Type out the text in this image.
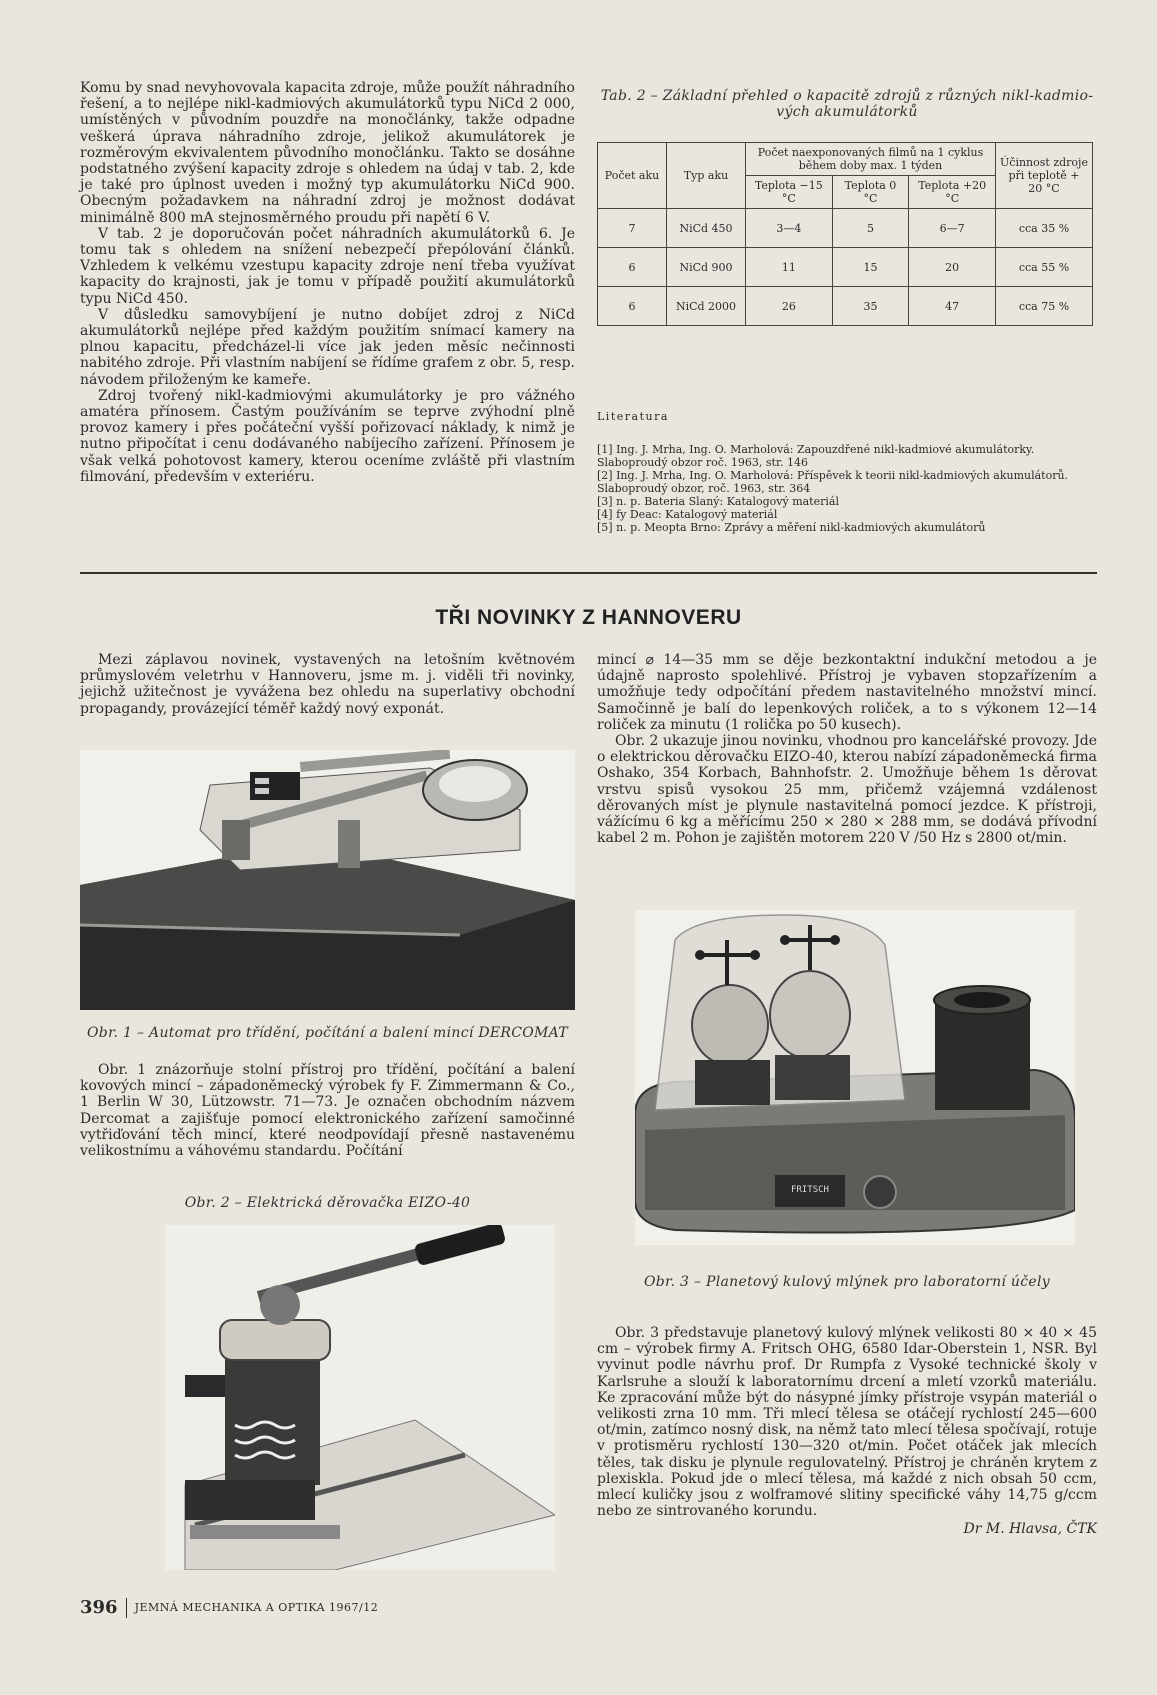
Komu by snad nevyhovovala kapacita zdroje, může použít náhradního řešení, a to nejlépe nikl-kadmiových akumulátorků typu NiCd 2 000, umístěných v původním pouzdře na monočlánky, takže odpadne veškerá úprava náhradního zdroje, jelikož akumulátorek je rozměrovým ekvivalentem původního monočlánku. Takto se dosáhne podstatného zvýšení kapacity zdroje s ohledem na údaj v tab. 2, kde je také pro úplnost uveden i možný typ akumulátorku NiCd 900. Obecným požadavkem na náhradní zdroj je možnost dodávat minimálně 800 mA stejnosměrného proudu při napětí 6 V.

V tab. 2 je doporučován počet náhradních akumulátorků 6. Je tomu tak s ohledem na snížení nebezpečí přepólování článků. Vzhledem k velkému vzestupu kapacity zdroje není třeba využívat kapacity do krajnosti, jak je tomu v případě použití akumulátorků typu NiCd 450.

V důsledku samovybíjení je nutno dobíjet zdroj z NiCd akumulátorků nejlépe před každým použitím snímací kamery na plnou kapacitu, předcházel-li více jak jeden měsíc nečinnosti nabitého zdroje. Při vlastním nabíjení se řídíme grafem z obr. 5, resp. návodem přiloženým ke kameře.

Zdroj tvořený nikl-kadmiovými akumulátorky je pro vážného amatéra přínosem. Častým používáním se teprve zvýhodní plně provoz kamery i přes počáteční vyšší pořizovací náklady, k nimž je nutno připočítat i cenu dodávaného nabíjecího zařízení. Přínosem je však velká pohotovost kamery, kterou oceníme zvláště při vlastním filmování, především v exteriéru.

Tab. 2 – Základní přehled o kapacitě zdrojů z různých nikl-kadmio-
vých akumulátorků
Počet aku	Typ aku	Počet naexponovaných filmů na 1 cyklus během doby max. 1 týden			Účinnost zdroje při teplotě + 20 °C
		Teplota −15 °C	Teplota 0 °C	Teplota +20 °C	
7	NiCd 450	3—4	5	6—7	cca 35 %
6	NiCd 900	11	15	20	cca 55 %
6	NiCd 2000	26	35	47	cca 75 %
Literatura

[1] Ing. J. Mrha, Ing. O. Marholová: Zapouzdřené nikl-kadmiové akumulátorky. Slaboproudý obzor roč. 1963, str. 146

[2] Ing. J. Mrha, Ing. O. Marholová: Příspěvek k teorii nikl-kadmiových akumulátorů. Slaboproudý obzor, roč. 1963, str. 364

[3] n. p. Bateria Slaný: Katalogový materiál

[4] fy Deac: Katalogový materiál

[5] n. p. Meopta Brno: Zprávy a měření nikl-kadmiových akumulátorů

TŘI NOVINKY Z HANNOVERU

Mezi záplavou novinek, vystavených na letošním květnovém průmyslovém veletrhu v Hannoveru, jsme m. j. viděli tři novinky, jejichž užitečnost je vyvážena bez ohledu na superlativy obchodní propagandy, provázející téměř každý nový exponát.

Obr. 1 – Automat pro třídění, počítání a balení mincí DERCOMAT

Obr. 1 znázorňuje stolní přístroj pro třídění, počítání a balení kovových mincí – západoněmecký výrobek fy F. Zimmermann & Co., 1 Berlin W 30, Lützowstr. 71—73. Je označen obchodním názvem Dercomat a zajišťuje pomocí elektronického zařízení samočinné vytřiďování těch mincí, které neodpovídají přesně nastavenému velikostnímu a váhovému standardu. Počítání

Obr. 2 – Elektrická děrovačka EIZO-40

mincí ⌀ 14—35 mm se děje bezkontaktní indukční metodou a je údajně naprosto spolehlivé. Přístroj je vybaven stopzařízením a umožňuje tedy odpočítání předem nastavitelného množství mincí. Samočinně je balí do lepenkových roliček, a to s výkonem 12—14 roliček za minutu (1 rolička po 50 kusech).

Obr. 2 ukazuje jinou novinku, vhodnou pro kancelářské provozy. Jde o elektrickou děrovačku EIZO-40, kterou nabízí západoněmecká firma Oshako, 354 Korbach, Bahnhofstr. 2. Umožňuje během 1s děrovat vrstvu spisů vysokou 25 mm, přičemž vzájemná vzdálenost děrovaných míst je plynule nastavitelná pomocí jezdce. K přístroji, vážícímu 6 kg a měřícímu 250 × 280 × 288 mm, se dodává přívodní kabel 2 m. Pohon je zajištěn motorem 220 V /50 Hz s 2800 ot/min.

FRITSCH
Obr. 3 – Planetový kulový mlýnek pro laboratorní účely

Obr. 3 představuje planetový kulový mlýnek velikosti 80 × 40 × 45 cm – výrobek firmy A. Fritsch OHG, 6580 Idar-Oberstein 1, NSR. Byl vyvinut podle návrhu prof. Dr Rumpfa z Vysoké technické školy v Karlsruhe a slouží k laboratornímu drcení a mletí vzorků materiálu. Ke zpracování může být do násypné jímky přístroje vsypán materiál o velikosti zrna 10 mm. Tři mlecí tělesa se otáčejí rychlostí 245—600 ot/min, zatímco nosný disk, na němž tato mlecí tělesa spočívají, rotuje v protisměru rychlostí 130—320 ot/min. Počet otáček jak mlecích těles, tak disku je plynule regulovatelný. Přístroj je chráněn krytem z plexiskla. Pokud jde o mlecí tělesa, má každé z nich obsah 50 ccm, mlecí kuličky jsou z wolframové slitiny specifické váhy 14,75 g/ccm nebo ze sintrovaného korundu.

Dr M. Hlavsa, ČTK
396 JEMNÁ MECHANIKA A OPTIKA 1967/12
